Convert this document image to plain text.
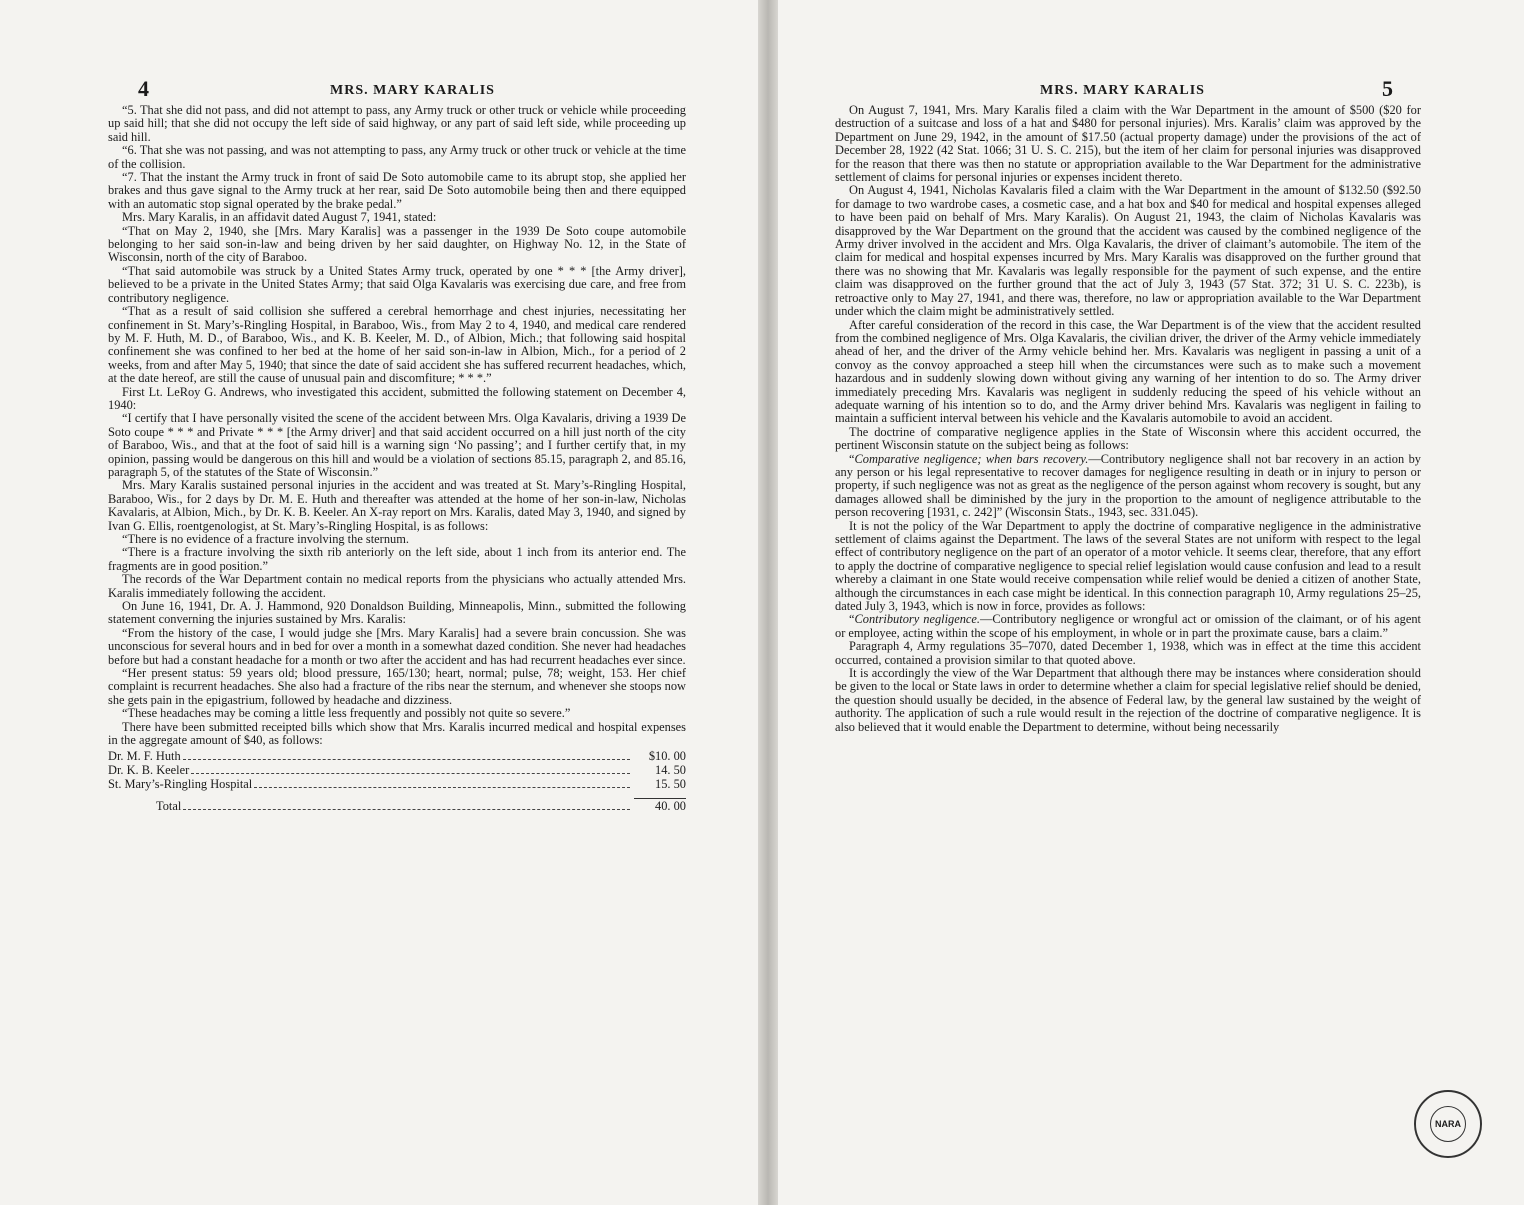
4	MRS. MARY KARALIS

“5. That she did not pass, and did not attempt to pass, any Army truck or other truck or vehicle while proceeding up said hill; that she did not occupy the left side of said highway, or any part of said left side, while proceeding up said hill.

“6. That she was not passing, and was not attempting to pass, any Army truck or other truck or vehicle at the time of the collision.

“7. That the instant the Army truck in front of said De Soto automobile came to its abrupt stop, she applied her brakes and thus gave signal to the Army truck at her rear, said De Soto automobile being then and there equipped with an automatic stop signal operated by the brake pedal.”

Mrs. Mary Karalis, in an affidavit dated August 7, 1941, stated:

“That on May 2, 1940, she [Mrs. Mary Karalis] was a passenger in the 1939 De Soto coupe automobile belonging to her said son-in-law and being driven by her said daughter, on Highway No. 12, in the State of Wisconsin, north of the city of Baraboo.

“That said automobile was struck by a United States Army truck, operated by one * * * [the Army driver], believed to be a private in the United States Army; that said Olga Kavalaris was exercising due care, and free from contributory negligence.

“That as a result of said collision she suffered a cerebral hemorrhage and chest injuries, necessitating her confinement in St. Mary’s-Ringling Hospital, in Baraboo, Wis., from May 2 to 4, 1940, and medical care rendered by M. F. Huth, M. D., of Baraboo, Wis., and K. B. Keeler, M. D., of Albion, Mich.; that following said hospital confinement she was confined to her bed at the home of her said son-in-law in Albion, Mich., for a period of 2 weeks, from and after May 5, 1940; that since the date of said accident she has suffered recurrent headaches, which, at the date hereof, are still the cause of unusual pain and discomfiture; * * *.”

First Lt. LeRoy G. Andrews, who investigated this accident, submitted the following statement on December 4, 1940:

“I certify that I have personally visited the scene of the accident between Mrs. Olga Kavalaris, driving a 1939 De Soto coupe * * * and Private * * * [the Army driver] and that said accident occurred on a hill just north of the city of Baraboo, Wis., and that at the foot of said hill is a warning sign ‘No passing’; and I further certify that, in my opinion, passing would be dangerous on this hill and would be a violation of sections 85.15, paragraph 2, and 85.16, paragraph 5, of the statutes of the State of Wisconsin.”

Mrs. Mary Karalis sustained personal injuries in the accident and was treated at St. Mary’s-Ringling Hospital, Baraboo, Wis., for 2 days by Dr. M. E. Huth and thereafter was attended at the home of her son-in-law, Nicholas Kavalaris, at Albion, Mich., by Dr. K. B. Keeler. An X-ray report on Mrs. Karalis, dated May 3, 1940, and signed by Ivan G. Ellis, roentgenologist, at St. Mary’s-Ringling Hospital, is as follows:

“There is no evidence of a fracture involving the sternum.

“There is a fracture involving the sixth rib anteriorly on the left side, about 1 inch from its anterior end. The fragments are in good position.”

The records of the War Department contain no medical reports from the physicians who actually attended Mrs. Karalis immediately following the accident.

On June 16, 1941, Dr. A. J. Hammond, 920 Donaldson Building, Minneapolis, Minn., submitted the following statement converning the injuries sustained by Mrs. Karalis:

“From the history of the case, I would judge she [Mrs. Mary Karalis] had a severe brain concussion. She was unconscious for several hours and in bed for over a month in a somewhat dazed condition. She never had headaches before but had a constant headache for a month or two after the accident and has had recurrent headaches ever since.

“Her present status: 59 years old; blood pressure, 165/130; heart, normal; pulse, 78; weight, 153. Her chief complaint is recurrent headaches. She also had a fracture of the ribs near the sternum, and whenever she stoops now she gets pain in the epigastrium, followed by headache and dizziness.

“These headaches may be coming a little less frequently and possibly not quite so severe.”

There have been submitted receipted bills which show that Mrs. Karalis incurred medical and hospital expenses in the aggregate amount of $40, as follows:

Dr. M. F. Huth	$10. 00
Dr. K. B. Keeler	14. 50
St. Mary’s-Ringling Hospital	15. 50
Total	40. 00
MRS. MARY KARALIS	5

On August 7, 1941, Mrs. Mary Karalis filed a claim with the War Department in the amount of $500 ($20 for destruction of a suitcase and loss of a hat and $480 for personal injuries). Mrs. Karalis’ claim was approved by the Department on June 29, 1942, in the amount of $17.50 (actual property damage) under the provisions of the act of December 28, 1922 (42 Stat. 1066; 31 U. S. C. 215), but the item of her claim for personal injuries was disapproved for the reason that there was then no statute or appropriation available to the War Department for the administrative settlement of claims for personal injuries or expenses incident thereto.

On August 4, 1941, Nicholas Kavalaris filed a claim with the War Department in the amount of $132.50 ($92.50 for damage to two wardrobe cases, a cosmetic case, and a hat box and $40 for medical and hospital expenses alleged to have been paid on behalf of Mrs. Mary Karalis). On August 21, 1943, the claim of Nicholas Kavalaris was disapproved by the War Department on the ground that the accident was caused by the combined negligence of the Army driver involved in the accident and Mrs. Olga Kavalaris, the driver of claimant’s automobile. The item of the claim for medical and hospital expenses incurred by Mrs. Mary Karalis was disapproved on the further ground that there was no showing that Mr. Kavalaris was legally responsible for the payment of such expense, and the entire claim was disapproved on the further ground that the act of July 3, 1943 (57 Stat. 372; 31 U. S. C. 223b), is retroactive only to May 27, 1941, and there was, therefore, no law or appropriation available to the War Department under which the claim might be administratively settled.

After careful consideration of the record in this case, the War Department is of the view that the accident resulted from the combined negligence of Mrs. Olga Kavalaris, the civilian driver, the driver of the Army vehicle immediately ahead of her, and the driver of the Army vehicle behind her. Mrs. Kavalaris was negligent in passing a unit of a convoy as the convoy approached a steep hill when the circumstances were such as to make such a movement hazardous and in suddenly slowing down without giving any warning of her intention to do so. The Army driver immediately preceding Mrs. Kavalaris was negligent in suddenly reducing the speed of his vehicle without an adequate warning of his intention so to do, and the Army driver behind Mrs. Kavalaris was negligent in failing to maintain a sufficient interval between his vehicle and the Kavalaris automobile to avoid an accident.

The doctrine of comparative negligence applies in the State of Wisconsin where this accident occurred, the pertinent Wisconsin statute on the subject being as follows:

“Comparative negligence; when bars recovery.—Contributory negligence shall not bar recovery in an action by any person or his legal representative to recover damages for negligence resulting in death or in injury to person or property, if such negligence was not as great as the negligence of the person against whom recovery is sought, but any damages allowed shall be diminished by the jury in the proportion to the amount of negligence attributable to the person recovering [1931, c. 242]” (Wisconsin Stats., 1943, sec. 331.045).

It is not the policy of the War Department to apply the doctrine of comparative negligence in the administrative settlement of claims against the Department. The laws of the several States are not uniform with respect to the legal effect of contributory negligence on the part of an operator of a motor vehicle. It seems clear, therefore, that any effort to apply the doctrine of comparative negligence to special relief legislation would cause confusion and lead to a result whereby a claimant in one State would receive compensation while relief would be denied a citizen of another State, although the circumstances in each case might be identical. In this connection paragraph 10, Army regulations 25–25, dated July 3, 1943, which is now in force, provides as follows:

“Contributory negligence.—Contributory negligence or wrongful act or omission of the claimant, or of his agent or employee, acting within the scope of his employment, in whole or in part the proximate cause, bars a claim.”

Paragraph 4, Army regulations 35–7070, dated December 1, 1938, which was in effect at the time this accident occurred, contained a provision similar to that quoted above.

It is accordingly the view of the War Department that although there may be instances where consideration should be given to the local or State laws in order to determine whether a claim for special legislative relief should be denied, the question should usually be decided, in the absence of Federal law, by the general law sustained by the weight of authority. The application of such a rule would result in the rejection of the doctrine of comparative negligence. It is also believed that it would enable the Department to determine, without being necessarily

NARA
